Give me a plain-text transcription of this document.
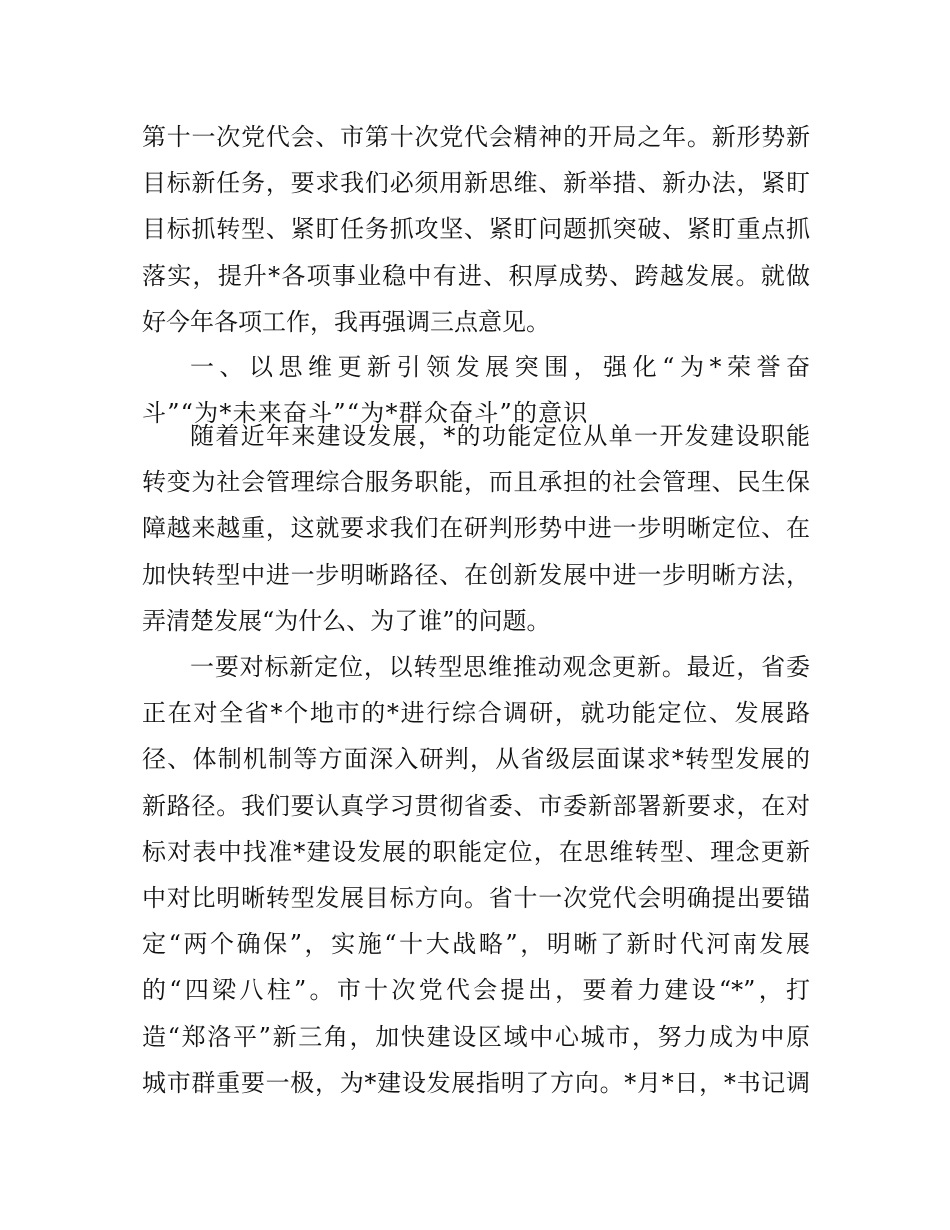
第十一次党代会、市第十次党代会精神的开局之年。新形势新
目标新任务，要求我们必须用新思维、新举措、新办法，紧盯
目标抓转型、紧盯任务抓攻坚、紧盯问题抓突破、紧盯重点抓
落实，提升*各项事业稳中有进、积厚成势、跨越发展。就做
好今年各项工作，我再强调三点意见。
一、以思维更新引领发展突围，强化“为*荣誉奋
斗”“为*未来奋斗”“为*群众奋斗”的意识
随着近年来建设发展，*的功能定位从单一开发建设职能
转变为社会管理综合服务职能，而且承担的社会管理、民生保
障越来越重，这就要求我们在研判形势中进一步明晰定位、在
加快转型中进一步明晰路径、在创新发展中进一步明晰方法，
弄清楚发展“为什么、为了谁”的问题。
一要对标新定位，以转型思维推动观念更新。最近，省委
正在对全省*个地市的*进行综合调研，就功能定位、发展路
径、体制机制等方面深入研判，从省级层面谋求*转型发展的
新路径。我们要认真学习贯彻省委、市委新部署新要求，在对
标对表中找准*建设发展的职能定位，在思维转型、理念更新
中对比明晰转型发展目标方向。省十一次党代会明确提出要锚
定“两个确保”，实施“十大战略”，明晰了新时代河南发展
的“四梁八柱”。市十次党代会提出，要着力建设“*”，打
造“郑洛平”新三角，加快建设区域中心城市，努力成为中原
城市群重要一极，为*建设发展指明了方向。*月*日，*书记调
